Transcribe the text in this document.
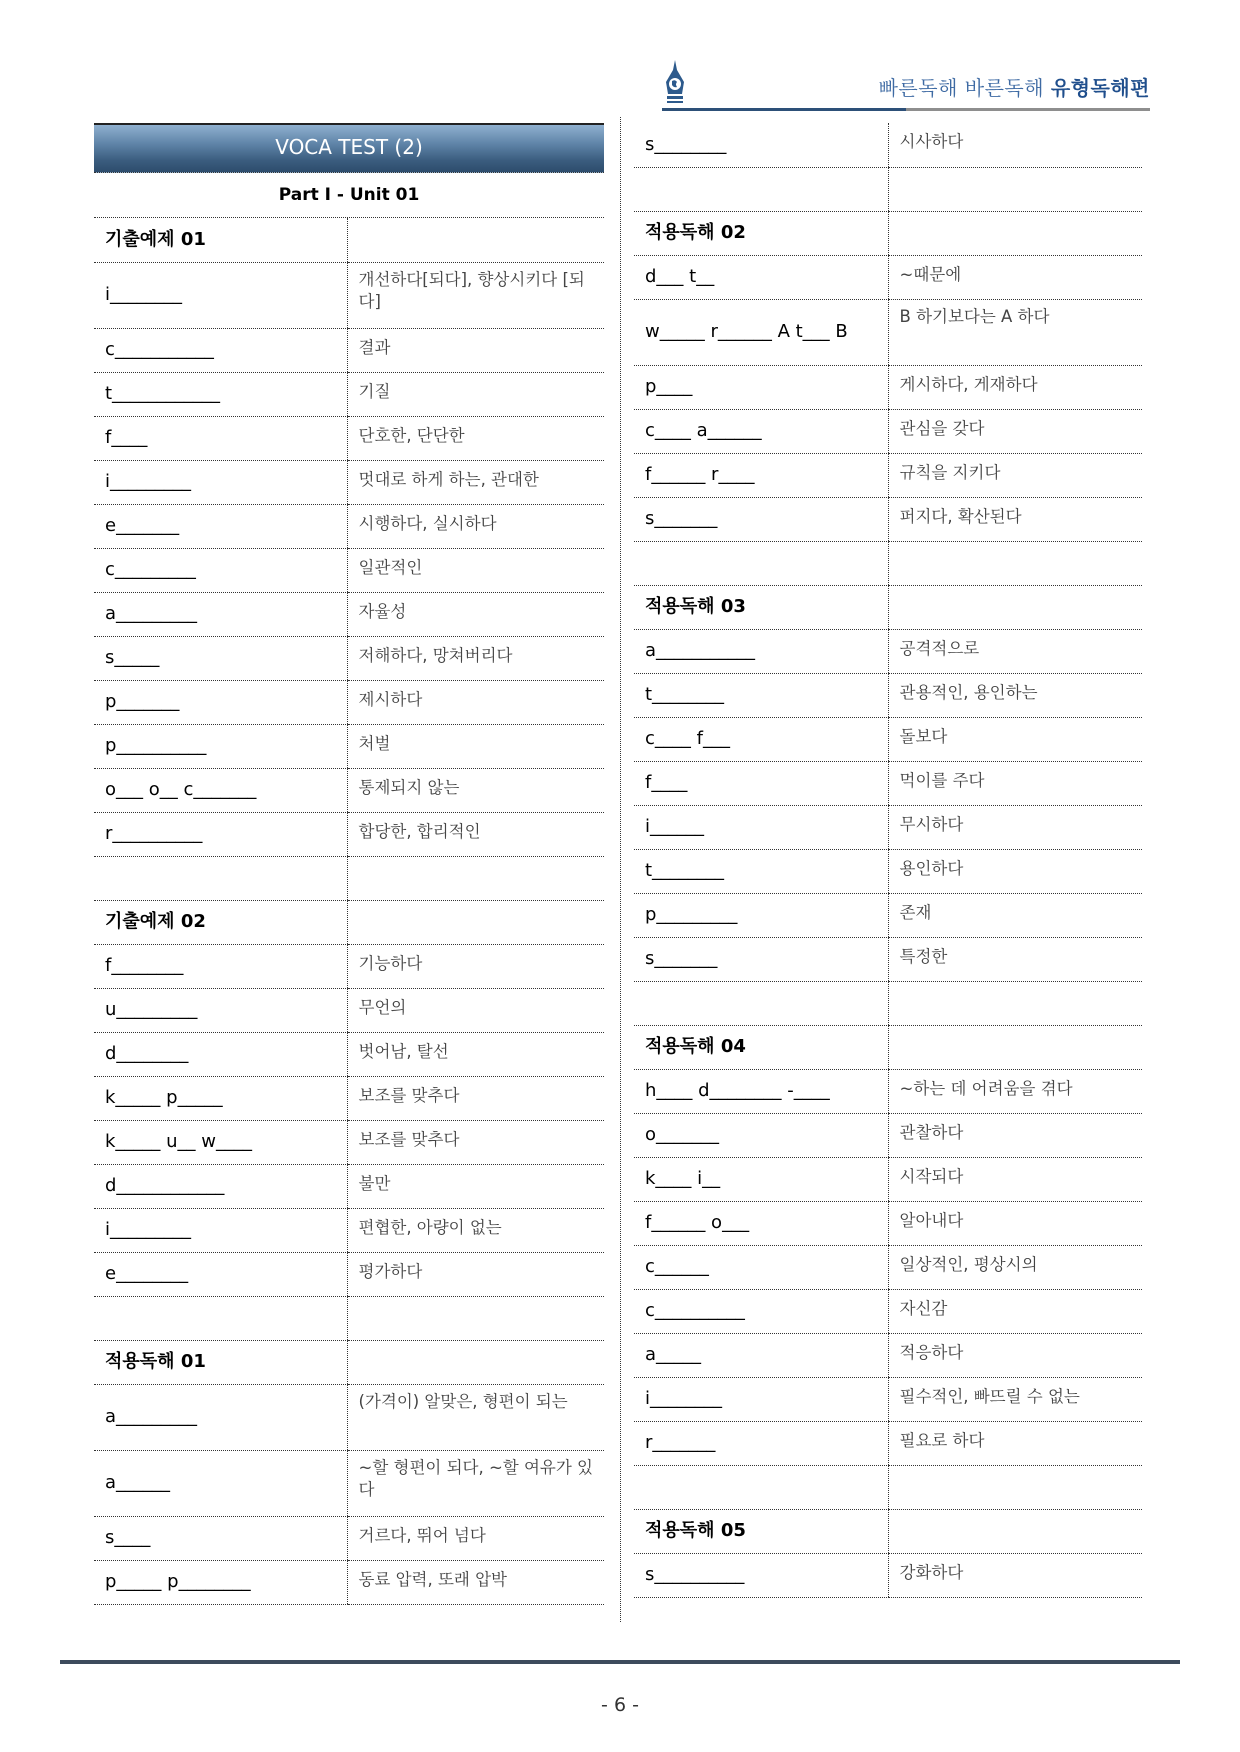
빠른독해 바른독해 유형독해편
VOCA TEST (2)
Part I - Unit 01
기출예제 01	
i________	개선하다[되다], 향상시키다 [되다]
c___________	결과
t____________	기질
f____	단호한, 단단한
i_________	멋대로 하게 하는, 관대한
e_______	시행하다, 실시하다
c_________	일관적인
a_________	자율성
s_____	저해하다, 망쳐버리다
p_______	제시하다
p__________	처벌
o___ o__ c_______	통제되지 않는
r__________	합당한, 합리적인

기출예제 02	
f________	기능하다
u_________	무언의
d________	벗어남, 탈선
k_____ p_____	보조를 맞추다
k_____ u__ w____	보조를 맞추다
d____________	불만
i_________	편협한, 아량이 없는
e________	평가하다

적용독해 01	
a_________	(가격이) 알맞은, 형편이 되는
a______	~할 형편이 되다, ~할 여유가 있다
s____	거르다, 뛰어 넘다
p_____ p________	동료 압력, 또래 압박
s________	시사하다

적용독해 02	
d___ t__	~때문에
w_____ r______ A t___ B	B 하기보다는 A 하다
p____	게시하다, 게재하다
c____ a______	관심을 갖다
f______ r____	규칙을 지키다
s_______	퍼지다, 확산된다

적용독해 03	
a___________	공격적으로
t________	관용적인, 용인하는
c____ f___	돌보다
f____	먹이를 주다
i______	무시하다
t________	용인하다
p_________	존재
s_______	특정한

적용독해 04	
h____ d________ -____	~하는 데 어려움을 겪다
o_______	관찰하다
k____ i__	시작되다
f______ o___	알아내다
c______	일상적인, 평상시의
c__________	자신감
a_____	적응하다
i________	필수적인, 빠뜨릴 수 없는
r_______	필요로 하다

적용독해 05	
s__________	강화하다
- 6 -
